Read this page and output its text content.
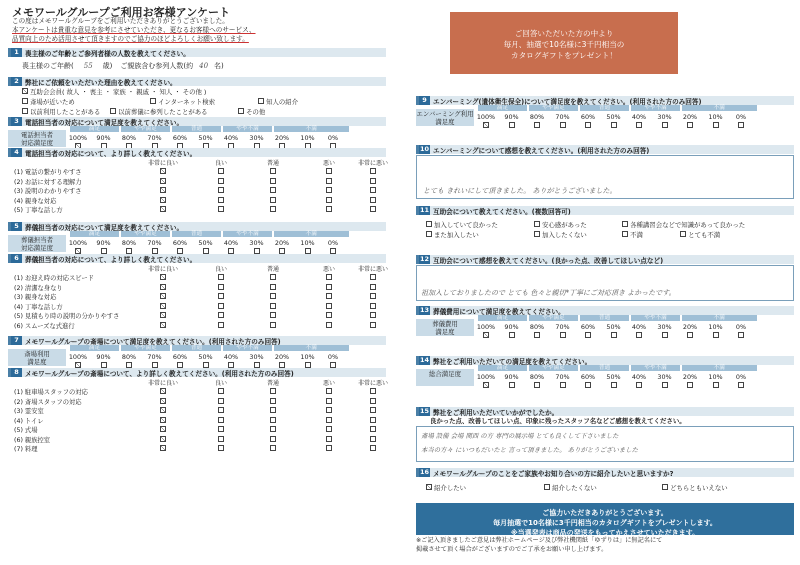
メモワールグループご利用お客様アンケート
この度はメモワールグループをご利用いただきありがとうございました。
本アンケートは貴重な意見を参考にさせていただき、更なるお客様へのサービス、
品質向上のため活用させて頂きますのでご協力のほどよろしくお願い致します。
1 喪主様のご年齢とご参列者様の人数を教えてください。
喪主様のご年齢( 55 歳) ご親族含む参列人数(約 40 名)
2 弊社にご依頼をいただいた理由を教えてください。

互助会会員( 故人 ・ 喪主 ・ 家族 ・ 親戚 ・ 知人 ・ その他 )

斎場が近いため
	インターネット検索
	知人の紹介

以前利用したことがある
	以前葬儀に参列したことがある
	その他
3 電話担当者の対応について満足度を教えてください。
電話担当者
対応満足度
満足	やや満足	普通	やや不満	不満
100%	90%	80%	70%	60%	50%	40%	30%	20%	10%	0%
4 電話担当者の対応について、より詳しく教えてください。
非常に良い	良い	普通	悪い	非常に悪い
(1) 電話の繋がりやすさ
(2) お話に対する理解力
(3) 説明のわかりやすさ
(4) 親身な対応
(5) 丁寧な話し方
5 葬儀担当者の対応について満足度を教えてください。
葬儀担当者
対応満足度
満足	やや満足	普通	やや不満	不満
100%	90%	80%	70%	60%	50%	40%	30%	20%	10%	0%
6 葬儀担当者の対応について、より詳しく教えてください。
非常に良い	良い	普通	悪い	非常に悪い
(1) お迎え時の対応スピード
(2) 清潔な身なり
(3) 親身な対応
(4) 丁寧な話し方
(5) 見積もり時の説明の分かりやすさ
(6) スムーズな式進行
7 メモワールグループの斎場について満足度を教えてください。(利用された方のみ回答)
斎場利用
満足度
満足	やや満足	普通	やや不満	不満
100%	90%	80%	70%	60%	50%	40%	30%	20%	10%	0%
8 メモワールグループの斎場について、より詳しく教えてください。(利用された方のみ回答)
非常に良い	良い	普通	悪い	非常に悪い
(1) 駐車場スタッフの対応
(2) 斎場スタッフの対応
(3) 霊安室
(4) トイレ
(5) 式場
(6) 親族控室
(7) 料理
ご回答いただいた方の中より
毎月、抽選で10名様に3千円相当の
カタログギフトをプレゼント！
9 エンバーミング(遺体衛生保全)について満足度を教えてください。(利用された方のみ回答)
エンバーミング利用
満足度
満足	やや満足	普通	やや不満	不満
100%	90%	80%	70%	60%	50%	40%	30%	20%	10%	0%
10 エンバーミングについて感想を教えてください。(利用された方のみ回答)
とても きれいにして頂きました。 ありがとうございました。
11 互助会について教えてください。(複数回答可)

加入していて良かった
	安心感があった
	各種講習会などで知識があって良かった

また加入したい
	加入したくない
	不満
	とても不満
12 互助会について感想を教えてください。(良かった点、改善してほしい点など)
祖加入しておりましたので とても 色々と親切*丁寧にご対応頂き よかったです。
13 葬儀費用について満足度を教えてください。
葬儀費用
満足度
満足	やや満足	普通	やや不満	不満
100%	90%	80%	70%	60%	50%	40%	30%	20%	10%	0%
14 弊社をご利用いただいての満足度を教えてください。
総合満足度
満足	やや満足	普通	やや不満	不満
100%	90%	80%	70%	60%	50%	40%	30%	20%	10%	0%
15 弊社をご利用いただいていかがでしたか。
良かった点、改善してほしい点、印象に残ったスタッフ名などご感想を教えてください。
斎場 設備 会場 関西 の方 専門の展示場 とても良くして下さいました
本当の方々 にいつもだいたと 言って頂きました。 ありがとうございました
16 メモワールグループのことをご家族やお知り合いの方に紹介したいと思いますか?

紹介したい
	紹介したくない
	どちらともいえない
ご協力いただきありがとうございます。
毎月抽選で10名様に3千円相当のカタログギフトをプレゼントします。
※当選発表は商品の発送をもってかえさせていただきます。
※ご記入頂きましたご意見は弊社ホームページ及び弊社機関紙「ゆずりは」に無記名にて
掲載させて頂く場合がございますのでご了承をお願い申し上げます。
